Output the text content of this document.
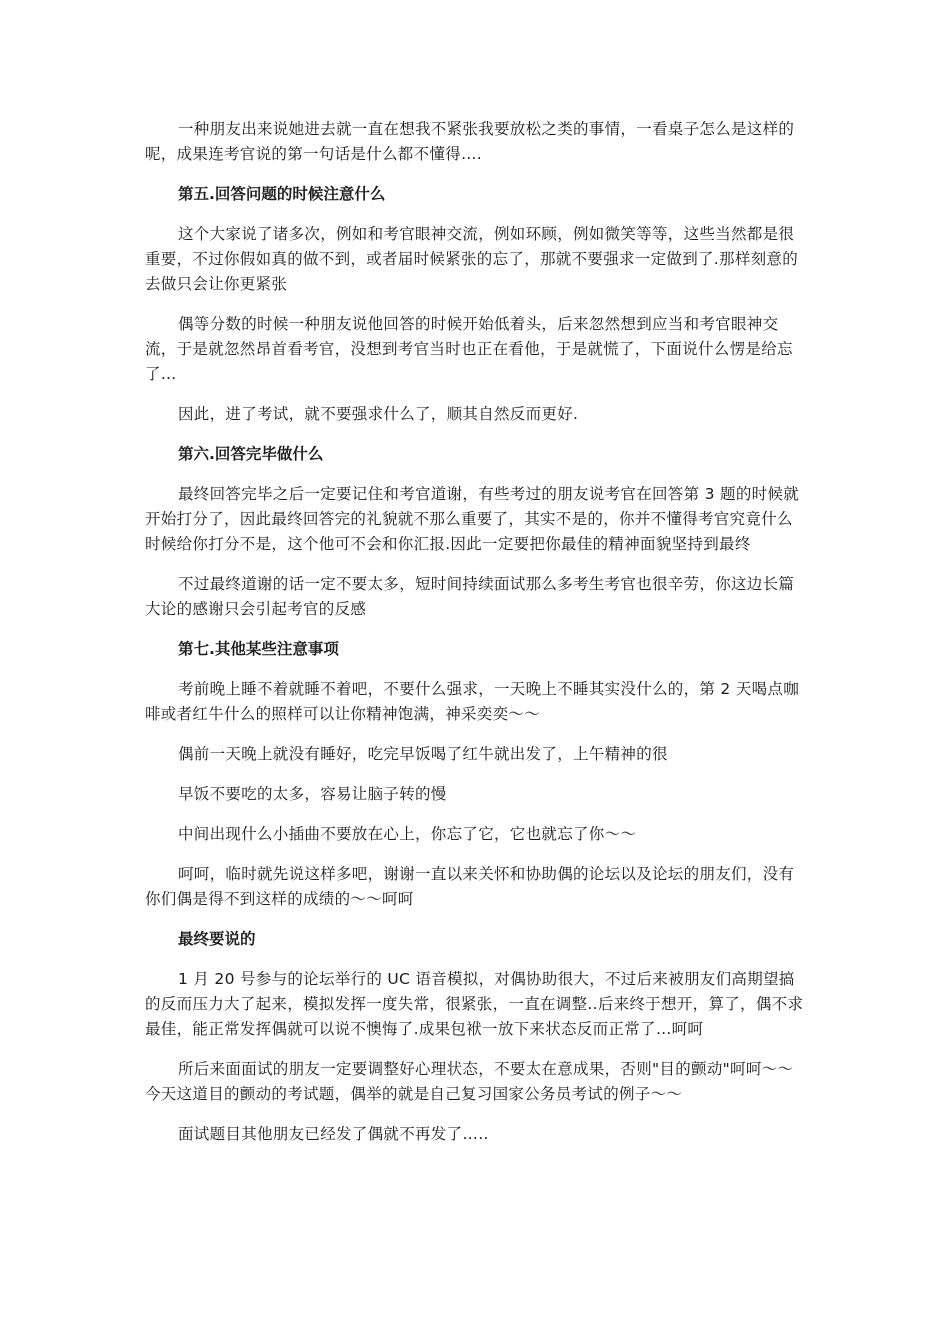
一种朋友出来说她进去就一直在想我不紧张我要放松之类的事情，一看桌子怎么是这样的呢，成果连考官说的第一句话是什么都不懂得….

第五.回答问题的时候注意什么

这个大家说了诸多次，例如和考官眼神交流，例如环顾，例如微笑等等，这些当然都是很重要，不过你假如真的做不到，或者届时候紧张的忘了，那就不要强求一定做到了.那样刻意的去做只会让你更紧张

偶等分数的时候一种朋友说他回答的时候开始低着头，后来忽然想到应当和考官眼神交流，于是就忽然昂首看考官，没想到考官当时也正在看他，于是就慌了，下面说什么愣是给忘了…

因此，进了考试，就不要强求什么了，顺其自然反而更好.

第六.回答完毕做什么

最终回答完毕之后一定要记住和考官道谢，有些考过的朋友说考官在回答第 3 题的时候就开始打分了，因此最终回答完的礼貌就不那么重要了，其实不是的，你并不懂得考官究竟什么时候给你打分不是，这个他可不会和你汇报.因此一定要把你最佳的精神面貌坚持到最终

不过最终道谢的话一定不要太多，短时间持续面试那么多考生考官也很辛劳，你这边长篇大论的感谢只会引起考官的反感

第七.其他某些注意事项

考前晚上睡不着就睡不着吧，不要什么强求，一天晚上不睡其实没什么的，第 2 天喝点咖啡或者红牛什么的照样可以让你精神饱满，神采奕奕～～

偶前一天晚上就没有睡好，吃完早饭喝了红牛就出发了，上午精神的很

早饭不要吃的太多，容易让脑子转的慢

中间出现什么小插曲不要放在心上，你忘了它，它也就忘了你～～

呵呵，临时就先说这样多吧，谢谢一直以来关怀和协助偶的论坛以及论坛的朋友们，没有你们偶是得不到这样的成绩的～～呵呵

最终要说的

1 月 20 号参与的论坛举行的 UC 语音模拟，对偶协助很大，不过后来被朋友们高期望搞的反而压力大了起来，模拟发挥一度失常，很紧张，一直在调整..后来终于想开，算了，偶不求最佳，能正常发挥偶就可以说不懊悔了.成果包袱一放下来状态反而正常了…呵呵

所后来面面试的朋友一定要调整好心理状态，不要太在意成果，否则"目的颤动"呵呵～～今天这道目的颤动的考试题，偶举的就是自己复习国家公务员考试的例子～～

面试题目其他朋友已经发了偶就不再发了…..
